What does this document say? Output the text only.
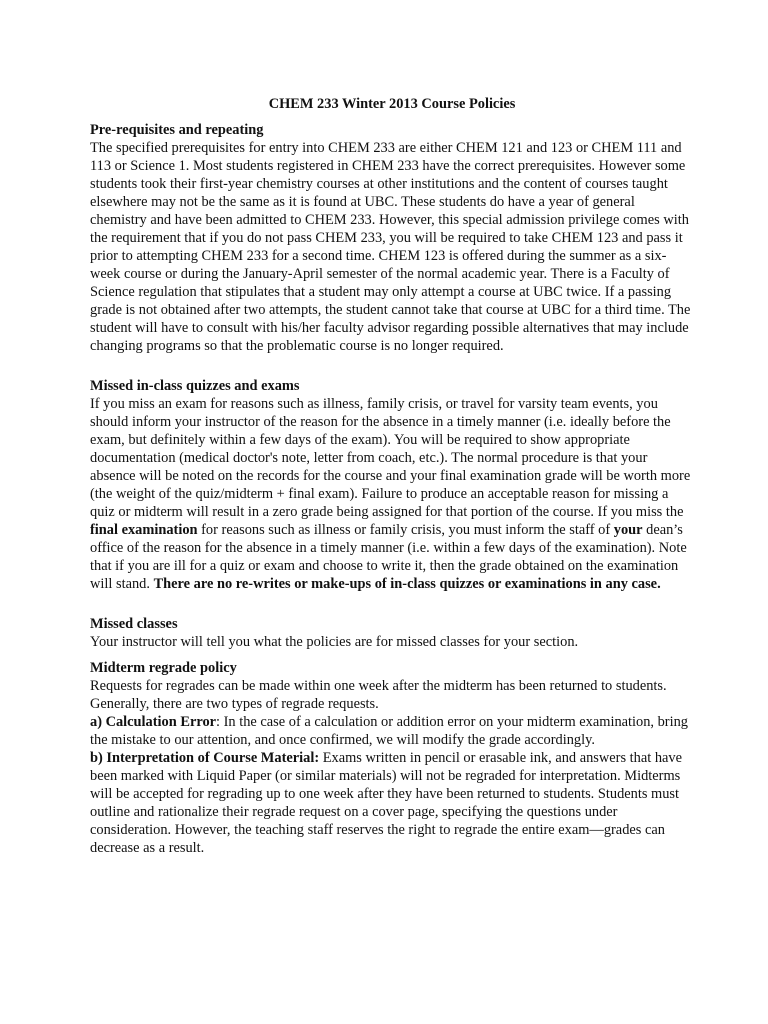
CHEM 233 Winter 2013 Course Policies
Pre-requisites and repeating

The specified prerequisites for entry into CHEM 233 are either CHEM 121 and 123 or CHEM 111 and 113 or Science 1. Most students registered in CHEM 233 have the correct prerequisites. However some students took their first-year chemistry courses at other institutions and the content of courses taught elsewhere may not be the same as it is found at UBC. These students do have a year of general chemistry and have been admitted to CHEM 233. However, this special admission privilege comes with the requirement that if you do not pass CHEM 233, you will be required to take CHEM 123 and pass it prior to attempting CHEM 233 for a second time. CHEM 123 is offered during the summer as a six-week course or during the January-April semester of the normal academic year. There is a Faculty of Science regulation that stipulates that a student may only attempt a course at UBC twice. If a passing grade is not obtained after two attempts, the student cannot take that course at UBC for a third time. The student will have to consult with his/her faculty advisor regarding possible alternatives that may include changing programs so that the problematic course is no longer required.

Missed in-class quizzes and exams

If you miss an exam for reasons such as illness, family crisis, or travel for varsity team events, you should inform your instructor of the reason for the absence in a timely manner (i.e. ideally before the exam, but definitely within a few days of the exam). You will be required to show appropriate documentation (medical doctor's note, letter from coach, etc.). The normal procedure is that your absence will be noted on the records for the course and your final examination grade will be worth more (the weight of the quiz/midterm + final exam). Failure to produce an acceptable reason for missing a quiz or midterm will result in a zero grade being assigned for that portion of the course. If you miss the final examination for reasons such as illness or family crisis, you must inform the staff of your dean’s office of the reason for the absence in a timely manner (i.e. within a few days of the examination). Note that if you are ill for a quiz or exam and choose to write it, then the grade obtained on the examination will stand. There are no re-writes or make-ups of in-class quizzes or examinations in any case.

Missed classes

Your instructor will tell you what the policies are for missed classes for your section.

Midterm regrade policy

Requests for regrades can be made within one week after the midterm has been returned to students. Generally, there are two types of regrade requests.

a) Calculation Error: In the case of a calculation or addition error on your midterm examination, bring the mistake to our attention, and once confirmed, we will modify the grade accordingly.

b) Interpretation of Course Material: Exams written in pencil or erasable ink, and answers that have been marked with Liquid Paper (or similar materials) will not be regraded for interpretation. Midterms will be accepted for regrading up to one week after they have been returned to students. Students must outline and rationalize their regrade request on a cover page, specifying the questions under consideration. However, the teaching staff reserves the right to regrade the entire exam—grades can decrease as a result.
